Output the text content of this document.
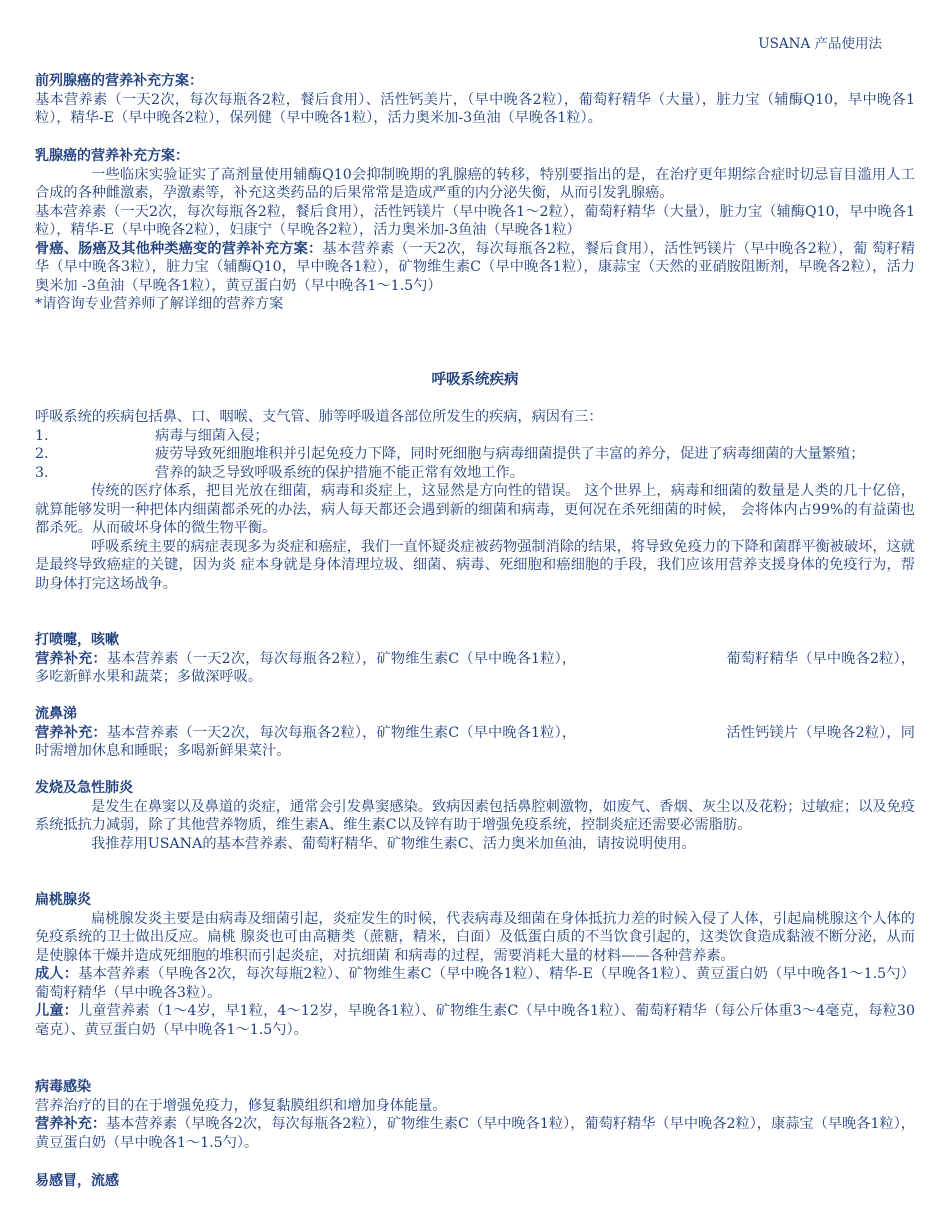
USANA 产品使用法

前列腺癌的营养补充方案：

基本营养素（一天2次，每次每瓶各2粒，餐后食用）、活性钙美片，（早中晚各2粒），葡萄籽精华（大量），脏力宝（辅酶Q10，早中晚各1粒），精华-E（早中晚各2粒），保列健（早中晚各1粒），活力奥米加-3鱼油（早晚各1粒）。

乳腺癌的营养补充方案：

一些临床实验证实了高剂量使用辅酶Q10会抑制晚期的乳腺癌的转移，特别要指出的是，在治疗更年期综合症时切忌盲目滥用人工合成的各种雌激素，孕激素等，补充这类药品的后果常常是造成严重的内分泌失衡，从而引发乳腺癌。

基本营养素（一天2次，每次每瓶各2粒，餐后食用），活性钙镁片（早中晚各1～2粒），葡萄籽精华（大量），脏力宝（辅酶Q10，早中晚各1粒），精华-E（早中晚各2粒），妇康宁（早晚各2粒），活力奥米加-3鱼油（早晚各1粒）

骨癌、肠癌及其他种类癌变的营养补充方案：基本营养素（一天2次，每次每瓶各2粒，餐后食用），活性钙镁片（早中晚各2粒），葡 萄籽精华（早中晚各3粒），脏力宝（辅酶Q10，早中晚各1粒），矿物维生素C（早中晚各1粒），康蒜宝（天然的亚硝胺阻断剂，早晚各2粒），活力奥米加 -3鱼油（早晚各1粒），黄豆蛋白奶（早中晚各1～1.5勺）

*请咨询专业营养师了解详细的营养方案

呼吸系统疾病

呼吸系统的疾病包括鼻、口、咽喉、支气管、肺等呼吸道各部位所发生的疾病，病因有三：

1.	病毒与细菌入侵；

2.	疲劳导致死细胞堆积并引起免疫力下降，同时死细胞与病毒细菌提供了丰富的养分，促进了病毒细菌的大量繁殖；

3.	营养的缺乏导致呼吸系统的保护措施不能正常有效地工作。

传统的医疗体系，把目光放在细菌，病毒和炎症上，这显然是方向性的错误。 这个世界上，病毒和细菌的数量是人类的几十亿倍，就算能够发明一种把体内细菌都杀死的办法，病人每天都还会遇到新的细菌和病毒，更何况在杀死细菌的时候， 会将体内占99%的有益菌也都杀死。从而破坏身体的微生物平衡。

呼吸系统主要的病症表现多为炎症和癌症，我们一直怀疑炎症被药物强制消除的结果，将导致免疫力的下降和菌群平衡被破坏，这就是最终导致癌症的关键，因为炎 症本身就是身体清理垃圾、细菌、病毒、死细胞和癌细胞的手段，我们应该用营养支援身体的免疫行为，帮助身体打完这场战争。

打喷嚏，咳嗽

营养补充：基本营养素（一天2次，每次每瓶各2粒），矿物维生素C（早中晚各1粒），	葡萄籽精华（早中晚各2粒），多吃新鲜水果和蔬菜；多做深呼吸。

流鼻涕

营养补充：基本营养素（一天2次，每次每瓶各2粒），矿物维生素C（早中晚各1粒），	活性钙镁片（早晚各2粒），同时需增加休息和睡眠；多喝新鲜果菜汁。

发烧及急性肺炎

是发生在鼻窦以及鼻道的炎症，通常会引发鼻窦感染。致病因素包括鼻腔刺激物，如废气、香烟、灰尘以及花粉；过敏症；以及免疫系统抵抗力减弱，除了其他营养物质，维生素A、维生素C以及锌有助于增强免疫系统，控制炎症还需要必需脂肪。

我推荐用USANA的基本营养素、葡萄籽精华、矿物维生素C、活力奥米加鱼油，请按说明使用。

扁桃腺炎

扁桃腺发炎主要是由病毒及细菌引起，炎症发生的时候，代表病毒及细菌在身体抵抗力差的时候入侵了人体，引起扁桃腺这个人体的免疫系统的卫士做出反应。扁桃 腺炎也可由高糖类（蔗糖，精米，白面）及低蛋白质的不当饮食引起的，这类饮食造成黏液不断分泌，从而是使腺体干燥并造成死细胞的堆积而引起炎症，对抗细菌 和病毒的过程，需要消耗大量的材料——各种营养素。

成人：基本营养素（早晚各2次，每次每瓶2粒）、矿物维生素C（早中晚各1粒）、精华-E（早晚各1粒）、黄豆蛋白奶（早中晚各1～1.5勺） 葡萄籽精华（早中晚各3粒）。

儿童：儿童营养素（1～4岁，早1粒，4～12岁，早晚各1粒）、矿物维生素C（早中晚各1粒）、葡萄籽精华（每公斤体重3～4毫克，每粒30毫克）、黄豆蛋白奶（早中晚各1～1.5勺）。

病毒感染

营养治疗的目的在于增强免疫力，修复黏膜组织和增加身体能量。

营养补充：基本营养素（早晚各2次，每次每瓶各2粒），矿物维生素C（早中晚各1粒），葡萄籽精华（早中晚各2粒），康蒜宝（早晚各1粒），黄豆蛋白奶（早中晚各1～1.5勺）。

易感冒，流感
